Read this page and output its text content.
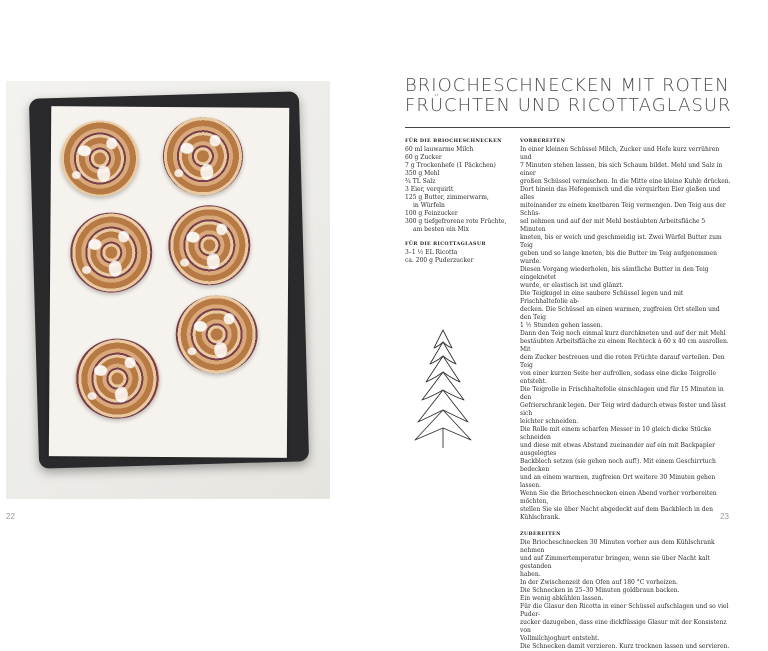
22
BRIOCHESCHNECKEN MIT ROTEN FRÜCHTEN UND RICOTTAGLASUR
FÜR DIE BRIOCHESCHNECKEN
60 ml lauwarme Milch
60 g Zucker
7 g Trockenhefe (1 Päckchen)
350 g Mehl
¾ TL Salz
3 Eier, verquirlt
125 g Butter, zimmerwarm,
in Würfeln
100 g Feinzucker
300 g tiefgefrorene rote Früchte,
am besten ein Mix
FÜR DIE RICOTTAGLASUR
3–1 ½ EL Ricotta
ca. 200 g Puderzucker
VORBEREITEN

In einer kleinen Schüssel Milch, Zucker und Hefe kurz verrühren und

7 Minuten stehen lassen, bis sich Schaum bildet. Mehl und Salz in einer

großen Schüssel vermischen. In die Mitte eine kleine Kuhle drücken.

Dort hinein das Hefegemisch und die verquirlten Eier gießen und alles

miteinander zu einem knetbaren Teig vermengen. Den Teig aus der Schüs-

sel nehmen und auf der mit Mehl bestäubten Arbeitsfläche 5 Minuten

kneten, bis er weich und geschmeidig ist. Zwei Würfel Butter zum Teig

geben und so lange kneten, bis die Butter im Teig aufgenommen wurde.

Diesen Vorgang wiederholen, bis sämtliche Butter in den Teig eingeknetet

wurde, er elastisch ist und glänzt.

Die Teigkugel in eine saubere Schüssel legen und mit Frischhaltefolie ab-

decken. Die Schüssel an einen warmen, zugfreien Ort stellen und den Teig

1 ½ Stunden gehen lassen.

Dann den Teig noch einmal kurz durchkneten und auf der mit Mehl

bestäubten Arbeitsfläche zu einem Rechteck à 60 x 40 cm ausrollen. Mit

dem Zucker bestreuen und die roten Früchte darauf verteilen. Den Teig

von einer kurzen Seite her aufrollen, sodass eine dicke Teigrolle entsteht.

Die Teigrolle in Frischhaltefolie einschlagen und für 15 Minuten in den

Gefrierschrank legen. Der Teig wird dadurch etwas fester und lässt sich

leichter schneiden.

Die Rolle mit einem scharfen Messer in 10 gleich dicke Stücke schneiden

und diese mit etwas Abstand zueinander auf ein mit Backpapier ausgelegtes

Backblech setzen (sie gehen noch auf!). Mit einem Geschirrtuch bedecken

und an einem warmen, zugfreien Ort weitere 30 Minuten gehen lassen.

Wenn Sie die Briocheschnecken einen Abend vorher vorbereiten möchten,

stellen Sie sie über Nacht abgedeckt auf dem Backblech in den Kühlschrank.

ZUBEREITEN

Die Briocheschnecken 30 Minuten vorher aus dem Kühlschrank nehmen

und auf Zimmertemperatur bringen, wenn sie über Nacht kalt gestanden

haben.

In der Zwischenzeit den Ofen auf 180 °C vorheizen.

Die Schnecken in 25–30 Minuten goldbraun backen.

Ein wenig abkühlen lassen.

Für die Glasur den Ricotta in einer Schüssel aufschlagen und so viel Puder-

zucker dazugeben, dass eine dickflüssige Glasur mit der Konsistenz von

Vollmilchjoghurt entsteht.

Die Schnecken damit verzieren. Kurz trocknen lassen und servieren.

23
